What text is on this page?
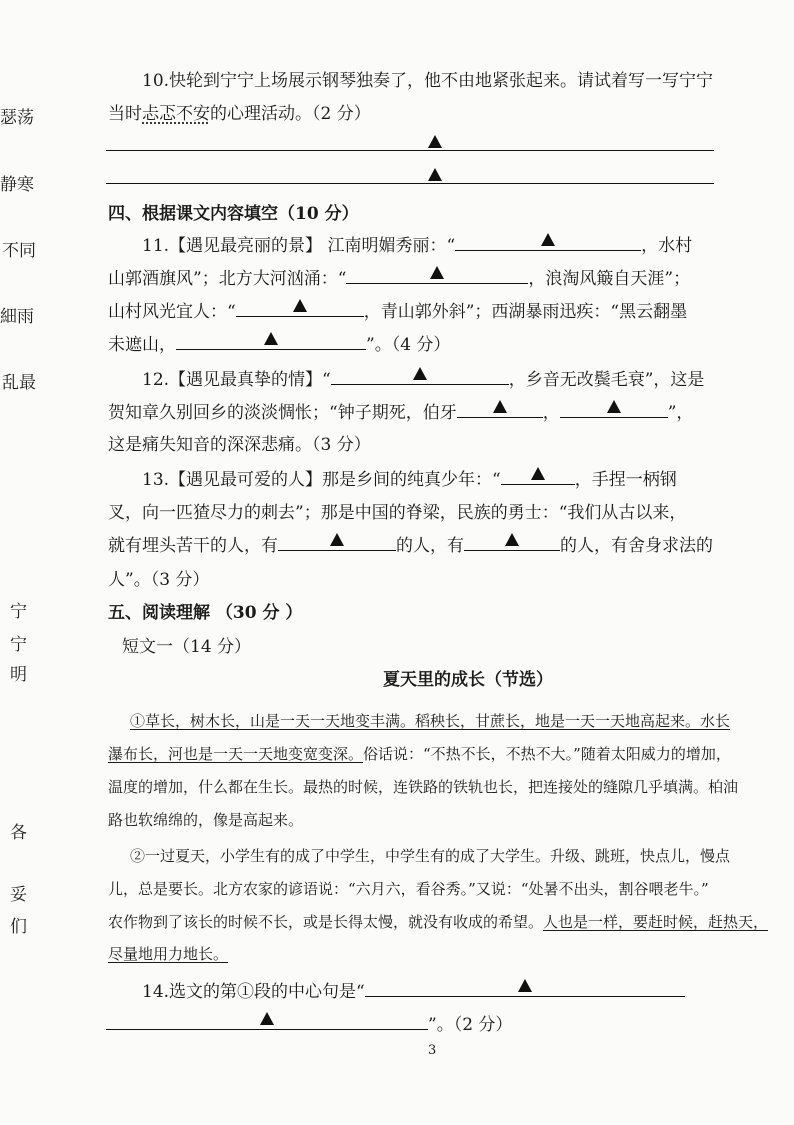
瑟荡
静寒
不同
細雨
乱最
宁
宁
明
各
妥
们
10.快轮到宁宁上场展示钢琴独奏了，他不由地紧张起来。请试着写一写宁宁
当时忐忑不安的心理活动。（2 分）
四、根据课文内容填空（10 分）
11.【遇见最亮丽的景】 江南明媚秀丽：“	，水村
山郭酒旗风”；北方大河汹涌：“	，浪淘风簸自天涯”；
山村风光宜人：“	，青山郭外斜”；西湖暴雨迅疾：“黑云翻墨
未遮山，	”。（4 分）
12.【遇见最真挚的情】“	，乡音无改鬓毛衰”，这是
贺知章久别回乡的淡淡惆怅；“钟子期死，伯牙	，	”，
这是痛失知音的深深悲痛。（3 分）
13.【遇见最可爱的人】那是乡间的纯真少年：“	，手捏一柄钢
叉，向一匹猹尽力的刺去”；那是中国的脊梁，民族的勇士：“我们从古以来，
就有埋头苦干的人，有	的人，有	的人，有舍身求法的
人”。（3 分）
五、阅读理解 （30 分 ）
短文一（14 分）
夏天里的成长（节选）
①草长，树木长，山是一天一天地变丰满。稻秧长，甘蔗长，地是一天一天地高起来。水长
瀑布长，河也是一天一天地变宽变深。俗话说：“不热不长，不热不大。”随着太阳威力的增加，
温度的增加，什么都在生长。最热的时候，连铁路的铁轨也长，把连接处的缝隙几乎填满。柏油
路也软绵绵的，像是高起来。
②一过夏天，小学生有的成了中学生，中学生有的成了大学生。升级、跳班，快点儿，慢点
儿，总是要长。北方农家的谚语说：“六月六，看谷秀。”又说：“处暑不出头，割谷喂老牛。”
农作物到了该长的时候不长，或是长得太慢，就没有收成的希望。人也是一样，要赶时候，赶热天，
尽量地用力地长。
14.选文的第①段的中心句是“
”。（2 分）
3
